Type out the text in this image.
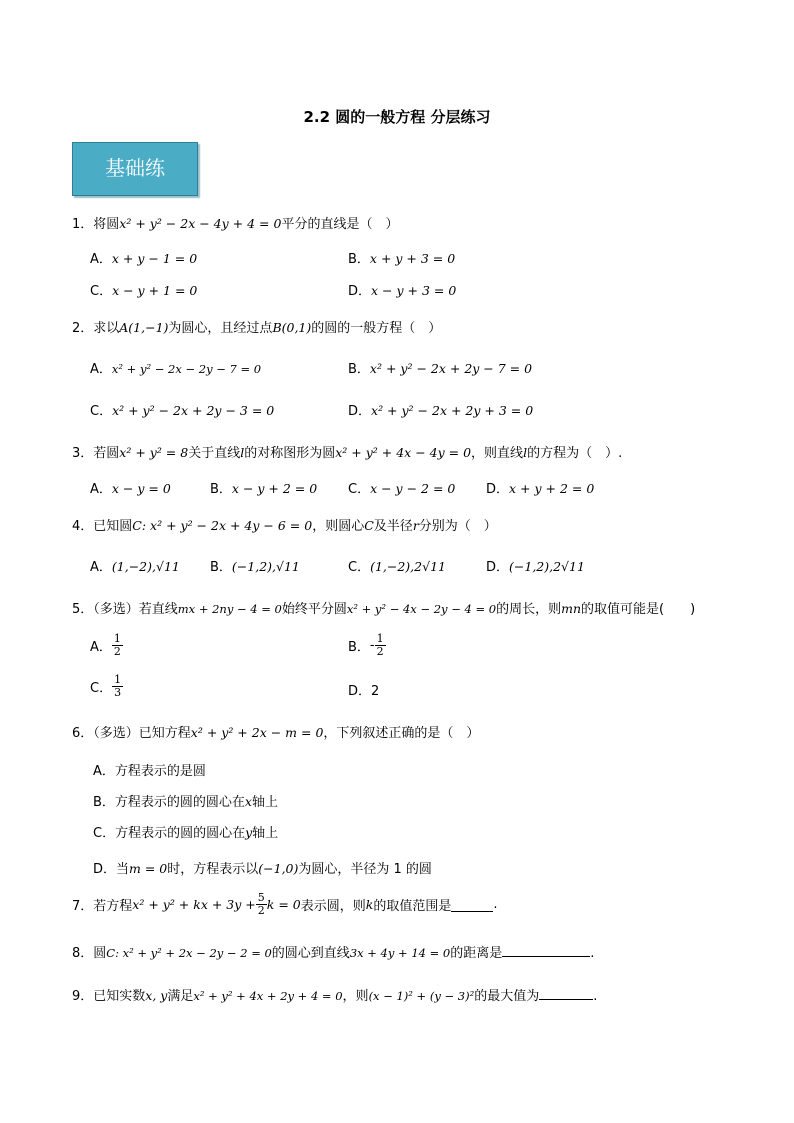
2.2 圆的一般方程 分层练习
基础练
1．将圆x² + y² − 2x − 4y + 4 = 0平分的直线是（　）
A．x + y − 1 = 0	B．x + y + 3 = 0
C．x − y + 1 = 0	D．x − y + 3 = 0
2．求以A(1,−1)为圆心，且经过点B(0,1)的圆的一般方程（　）
A．x² + y² − 2x − 2y − 7 = 0	B．x² + y² − 2x + 2y − 7 = 0
C．x² + y² − 2x + 2y − 3 = 0	D．x² + y² − 2x + 2y + 3 = 0
3．若圆x² + y² = 8关于直线l的对称图形为圆x² + y² + 4x − 4y = 0，则直线l的方程为（　）.
A．x − y = 0	B．x − y + 2 = 0 C．x − y − 2 = 0 D．x + y + 2 = 0
4．已知圆C: x² + y² − 2x + 4y − 6 = 0，则圆心C及半径r分别为（　）
A．(1,−2),√11 B．(−1,2),√11	C．(1,−2),2√11	D．(−1,2),2√11
5．（多选）若直线mx + 2ny − 4 = 0始终平分圆x² + y² − 4x − 2y − 4 = 0的周长，则mn的取值可能是(　　)
A． $\frac{1}{2}$	B．- $\frac{1}{2}$
C． $\frac{1}{3}$	D．2
6．（多选）已知方程x² + y² + 2x − m = 0，下列叙述正确的是（　）
A．方程表示的是圆
B．方程表示的圆的圆心在x轴上
C．方程表示的圆的圆心在y轴上
D．当m = 0时，方程表示以(−1,0)为圆心，半径为 1 的圆
7．若方程x² + y² + kx + $3y + \frac{5}{2}$ k = 0表示圆，则k的取值范围是	.
8．圆C: x² + y² + 2x − 2y − 2 = 0的圆心到直线3x + 4y + 14 = 0的距离是	.
9．已知实数x, y满足x² + y² + 4x + 2y + 4 = 0，则(x − 1)² + (y − 3)²的最大值为	.
